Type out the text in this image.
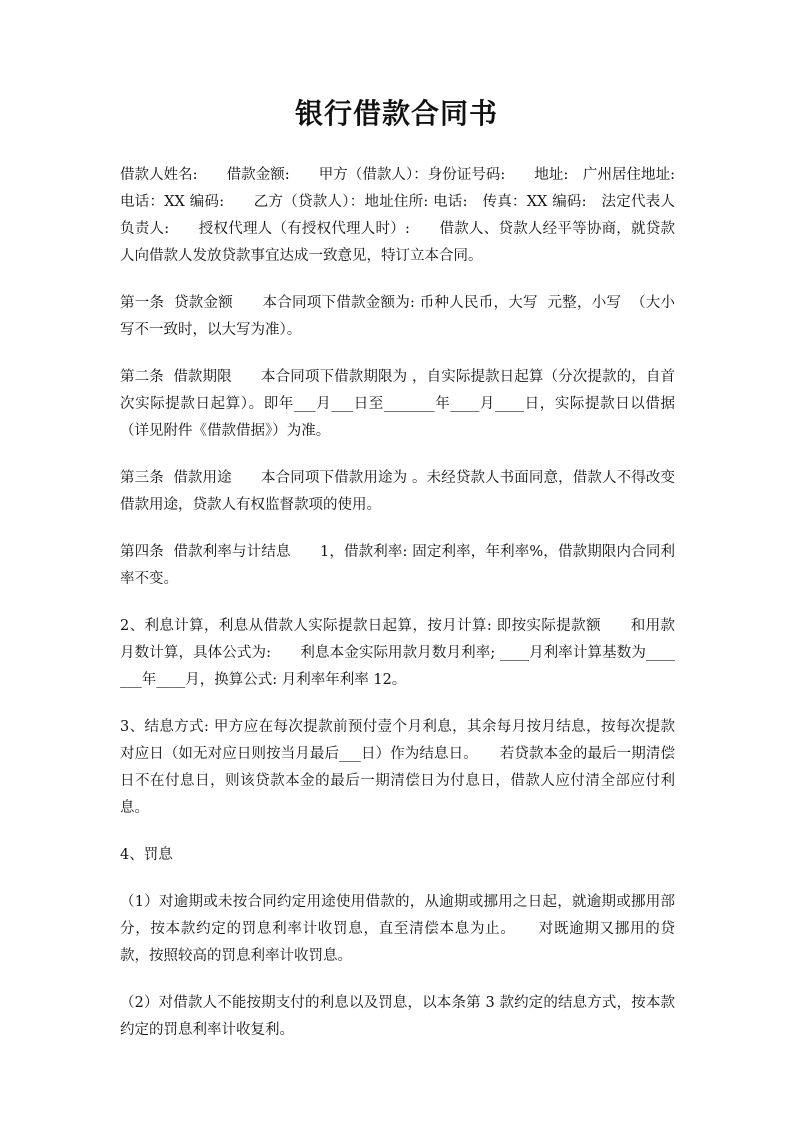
银行借款合同书

借款人姓名:　　借款金额:　　甲方（借款人）：身份证号码:　　地址:　广州居住地址:　电话：XX 编码:　　乙方（贷款人）：地址住所: 电话:　传真：XX 编码:　法定代表人负责人:　　授权代理人（有授权代理人时）:　　借款人、贷款人经平等协商，就贷款人向借款人发放贷款事宜达成一致意见，特订立本合同。

第一条  贷款金额　　本合同项下借款金额为: 币种人民币，大写  元整，小写  （大小写不一致时，以大写为准）。

第二条  借款期限　　本合同项下借款期限为 ，自实际提款日起算（分次提款的，自首次实际提款日起算）。即年___月___日至_______年____月____日，实际提款日以借据（详见附件《借款借据》）为准。

第三条  借款用途　　本合同项下借款用途为 。未经贷款人书面同意，借款人不得改变借款用途，贷款人有权监督款项的使用。

第四条  借款利率与计结息　　1，借款利率: 固定利率，年利率%，借款期限内合同利率不变。

2、利息计算，利息从借款人实际提款日起算，按月计算: 即按实际提款额　　和用款月数计算，具体公式为:　　利息本金实际用款月数月利率; ____月利率计算基数为_______年____月，换算公式: 月利率年利率 12。

3、结息方式: 甲方应在每次提款前预付壹个月利息，其余每月按月结息，按每次提款对应日（如无对应日则按当月最后___日）作为结息日。　　若贷款本金的最后一期清偿日不在付息日，则该贷款本金的最后一期清偿日为付息日，借款人应付清全部应付利息。

4、罚息

（1）对逾期或未按合同约定用途使用借款的，从逾期或挪用之日起，就逾期或挪用部分，按本款约定的罚息利率计收罚息，直至清偿本息为止。　　对既逾期又挪用的贷款，按照较高的罚息利率计收罚息。

（2）对借款人不能按期支付的利息以及罚息，以本条第 3 款约定的结息方式，按本款约定的罚息利率计收复利。
